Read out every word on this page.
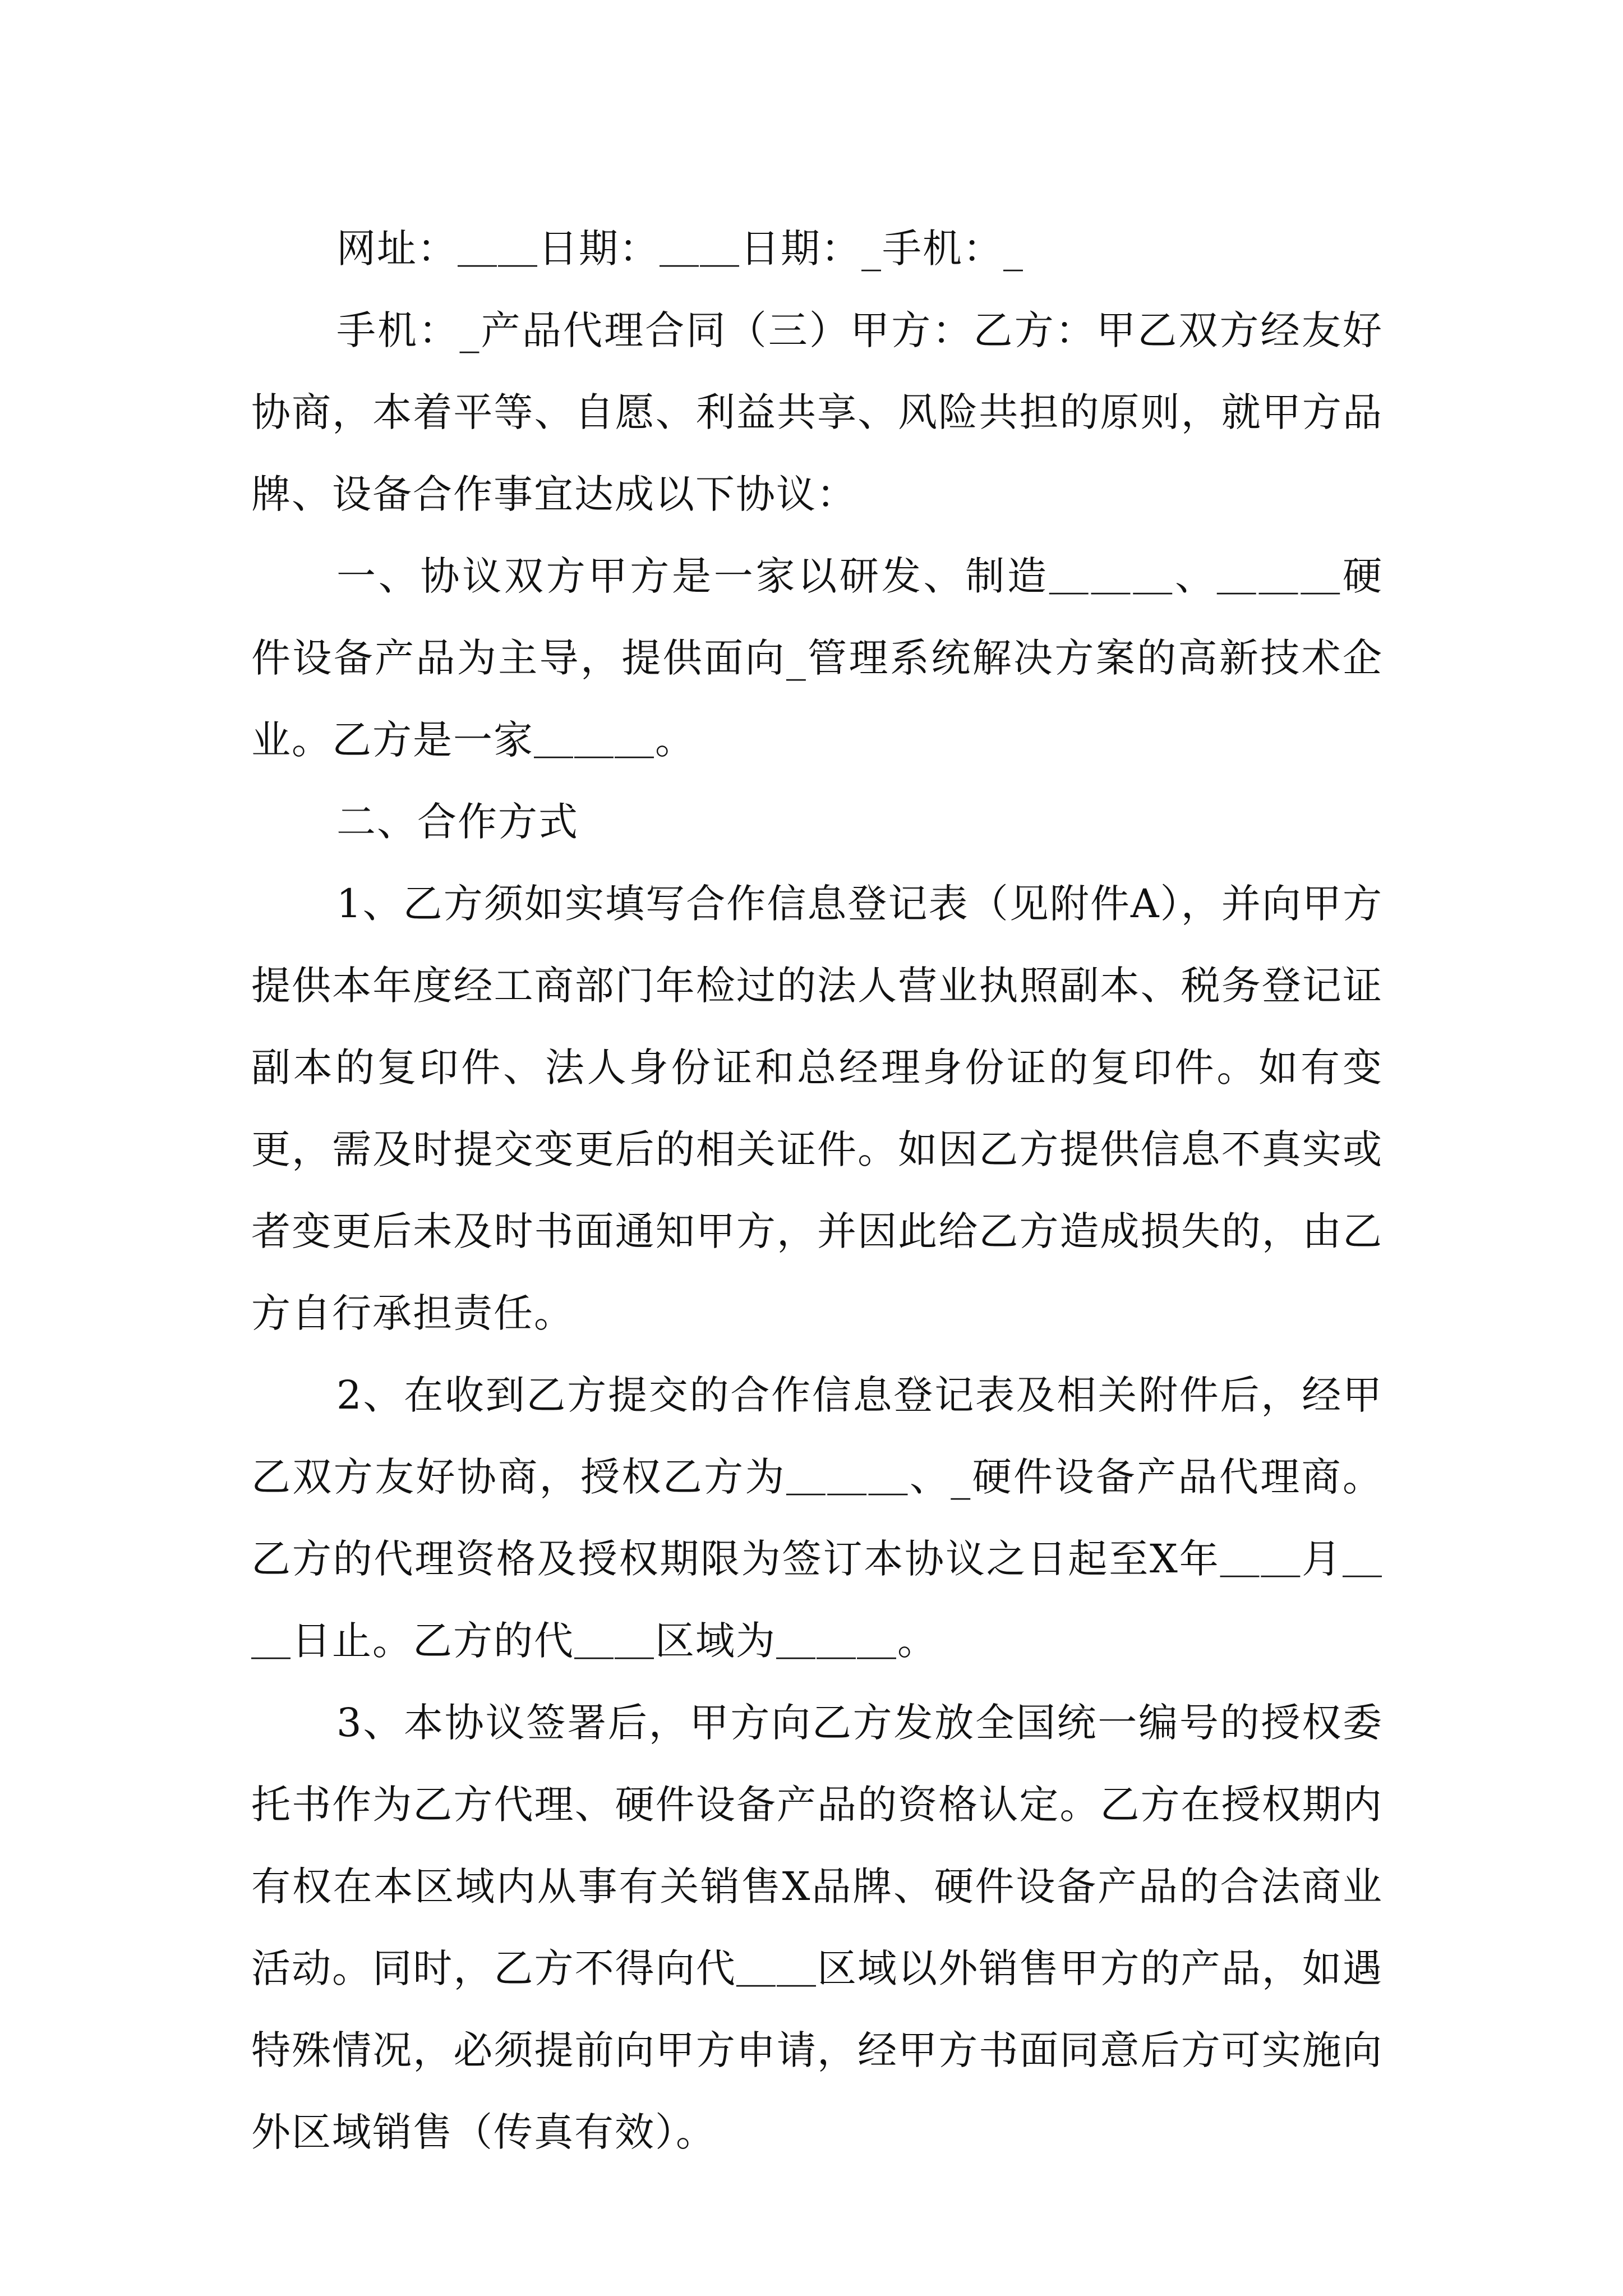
网址：＿＿日期：＿＿日期：_手机：_

手机：_产品代理合同（三）甲方：乙方：甲乙双方经友好协商，本着平等、自愿、利益共享、风险共担的原则，就甲方品牌、设备合作事宜达成以下协议：

一、协议双方甲方是一家以研发、制造＿＿＿、＿＿＿硬件设备产品为主导，提供面向_管理系统解决方案的高新技术企业。乙方是一家＿＿＿。

二、合作方式

1、乙方须如实填写合作信息登记表（见附件A），并向甲方提供本年度经工商部门年检过的法人营业执照副本、税务登记证副本的复印件、法人身份证和总经理身份证的复印件。如有变更，需及时提交变更后的相关证件。如因乙方提供信息不真实或者变更后未及时书面通知甲方，并因此给乙方造成损失的，由乙方自行承担责任。

2、在收到乙方提交的合作信息登记表及相关附件后，经甲乙双方友好协商，授权乙方为＿＿＿、_硬件设备产品代理商。乙方的代理资格及授权期限为签订本协议之日起至X年＿＿月＿＿日止。乙方的代＿＿区域为＿＿＿。

3、本协议签署后，甲方向乙方发放全国统一编号的授权委托书作为乙方代理、硬件设备产品的资格认定。乙方在授权期内有权在本区域内从事有关销售X品牌、硬件设备产品的合法商业活动。同时，乙方不得向代＿＿区域以外销售甲方的产品，如遇特殊情况，必须提前向甲方申请，经甲方书面同意后方可实施向外区域销售（传真有效）。
